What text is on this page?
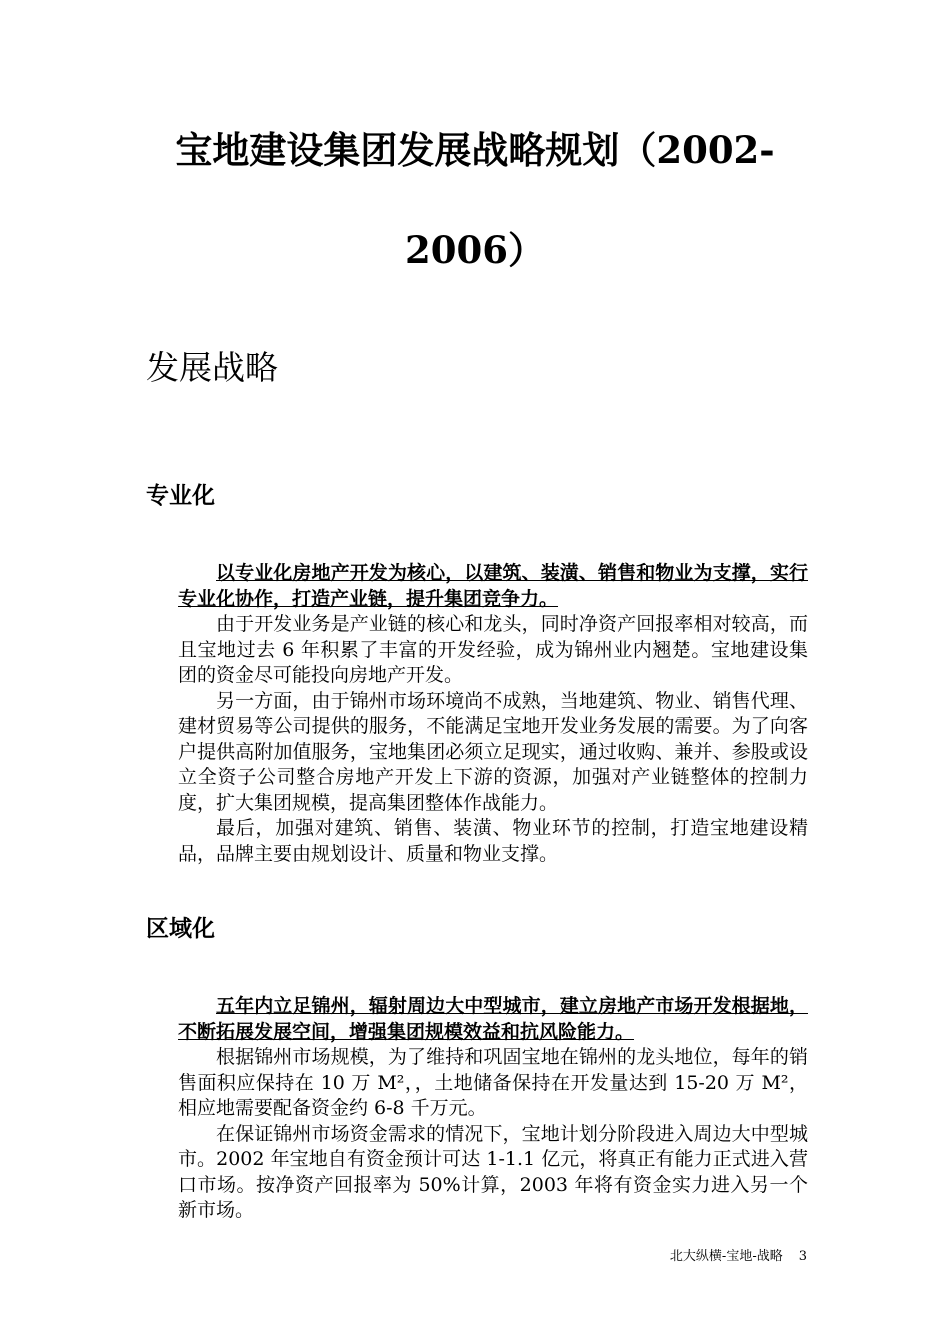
宝地建设集团发展战略规划（2002-
2006）
发展战略
专业化

以专业化房地产开发为核心，以建筑、装潢、销售和物业为支撑，实行专业化协作，打造产业链，提升集团竞争力。

由于开发业务是产业链的核心和龙头，同时净资产回报率相对较高，而且宝地过去 6 年积累了丰富的开发经验，成为锦州业内翘楚。宝地建设集团的资金尽可能投向房地产开发。

另一方面，由于锦州市场环境尚不成熟，当地建筑、物业、销售代理、建材贸易等公司提供的服务，不能满足宝地开发业务发展的需要。为了向客户提供高附加值服务，宝地集团必须立足现实，通过收购、兼并、参股或设立全资子公司整合房地产开发上下游的资源，加强对产业链整体的控制力度，扩大集团规模，提高集团整体作战能力。

最后，加强对建筑、销售、装潢、物业环节的控制，打造宝地建设精品，品牌主要由规划设计、质量和物业支撑。

区域化

五年内立足锦州，辐射周边大中型城市，建立房地产市场开发根据地，不断拓展发展空间，增强集团规模效益和抗风险能力。

根据锦州市场规模，为了维持和巩固宝地在锦州的龙头地位，每年的销售面积应保持在 10 万 M²，，土地储备保持在开发量达到 15-20 万 M²，相应地需要配备资金约 6-8 千万元。

在保证锦州市场资金需求的情况下，宝地计划分阶段进入周边大中型城市。2002 年宝地自有资金预计可达 1-1.1 亿元，将真正有能力正式进入营口市场。按净资产回报率为 50%计算，2003 年将有资金实力进入另一个新市场。

北大纵横-宝地-战略 3
